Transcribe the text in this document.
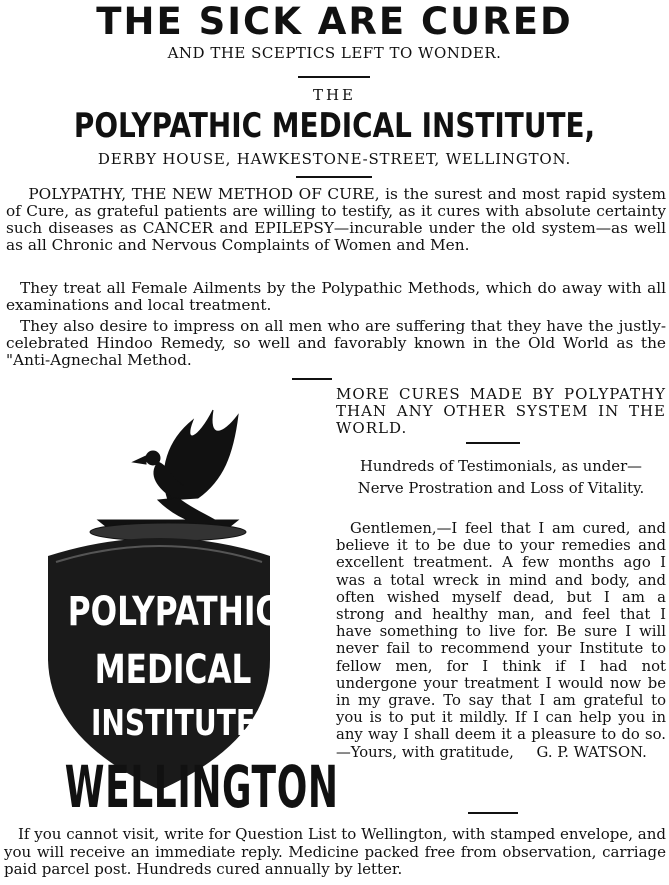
THE SICK ARE CURED
AND THE SCEPTICS LEFT TO WONDER.
THE
POLYPATHIC MEDICAL INSTITUTE,
DERBY HOUSE, HAWKESTONE-STREET, WELLINGTON.
POLYPATHY, THE NEW METHOD OF CURE, is the surest and most rapid system of Cure, as grateful patients are willing to testify, as it cures with absolute certainty such diseases as CANCER and EPILEPSY—incurable under the old system—as well as all Chronic and Nervous Complaints of Women and Men.
They treat all Female Ailments by the Polypathic Methods, which do away with all examinations and local treatment.
They also desire to impress on all men who are suffering that they have the justly-celebrated Hindoo Remedy, so well and favorably known in the Old World as the "Anti-Agnechal Method.
POLYPATHIC
MEDICAL
INSTITUTE
WELLINGTON
MORE CURES MADE BY POLYPATHY THAN ANY OTHER SYSTEM IN THE WORLD.
Hundreds of Testimonials, as under—
Nerve Prostration and Loss of Vitality.
Gentlemen,—I feel that I am cured, and believe it to be due to your remedies and excellent treatment. A few months ago I was a total wreck in mind and body, and often wished myself dead, but I am a strong and healthy man, and feel that I have something to live for. Be sure I will never fail to recommend your Institute to fellow men, for I think if I had not undergone your treatment I would now be in my grave. To say that I am grateful to you is to put it mildly. If I can help you in any way I shall deem it a pleasure to do so.—Yours, with gratitude, G. P. WATSON.
If you cannot visit, write for Question List to Wellington, with stamped envelope, and you will receive an immediate reply. Medicine packed free from observation, carriage paid parcel post. Hundreds cured annually by letter.
